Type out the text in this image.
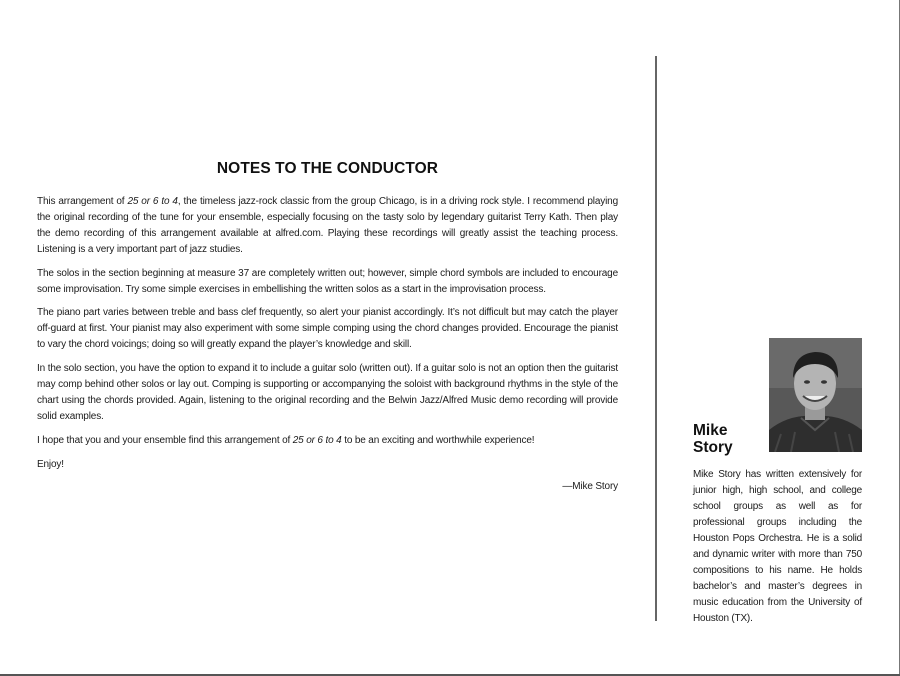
NOTES TO THE CONDUCTOR

This arrangement of 25 or 6 to 4, the timeless jazz-rock classic from the group Chicago, is in a driving rock style. I recommend playing the original recording of the tune for your ensemble, especially focusing on the tasty solo by legendary guitarist Terry Kath. Then play the demo recording of this arrangement available at alfred.com. Playing these recordings will greatly assist the teaching process. Listening is a very important part of jazz studies.

The solos in the section beginning at measure 37 are completely written out; however, simple chord symbols are included to encourage some improvisation. Try some simple exercises in embellishing the written solos as a start in the improvisation process.

The piano part varies between treble and bass clef frequently, so alert your pianist accordingly. It’s not difficult but may catch the player off-guard at first. Your pianist may also experiment with some simple comping using the chord changes provided. Encourage the pianist to vary the chord voicings; doing so will greatly expand the player’s knowledge and skill.

In the solo section, you have the option to expand it to include a guitar solo (written out). If a guitar solo is not an option then the guitarist may comp behind other solos or lay out. Comping is supporting or accompanying the soloist with background rhythms in the style of the chart using the chords provided. Again, listening to the original recording and the Belwin Jazz/Alfred Music demo recording will provide solid examples.

I hope that you and your ensemble find this arrangement of 25 or 6 to 4 to be an exciting and worthwhile experience!

Enjoy!

—Mike Story
Mike
Story

Mike Story has written extensively for junior high, high school, and college school groups as well as for professional groups including the Houston Pops Orchestra. He is a solid and dynamic writer with more than 750 compositions to his name. He holds bachelor’s and master’s degrees in music education from the University of Houston (TX).
